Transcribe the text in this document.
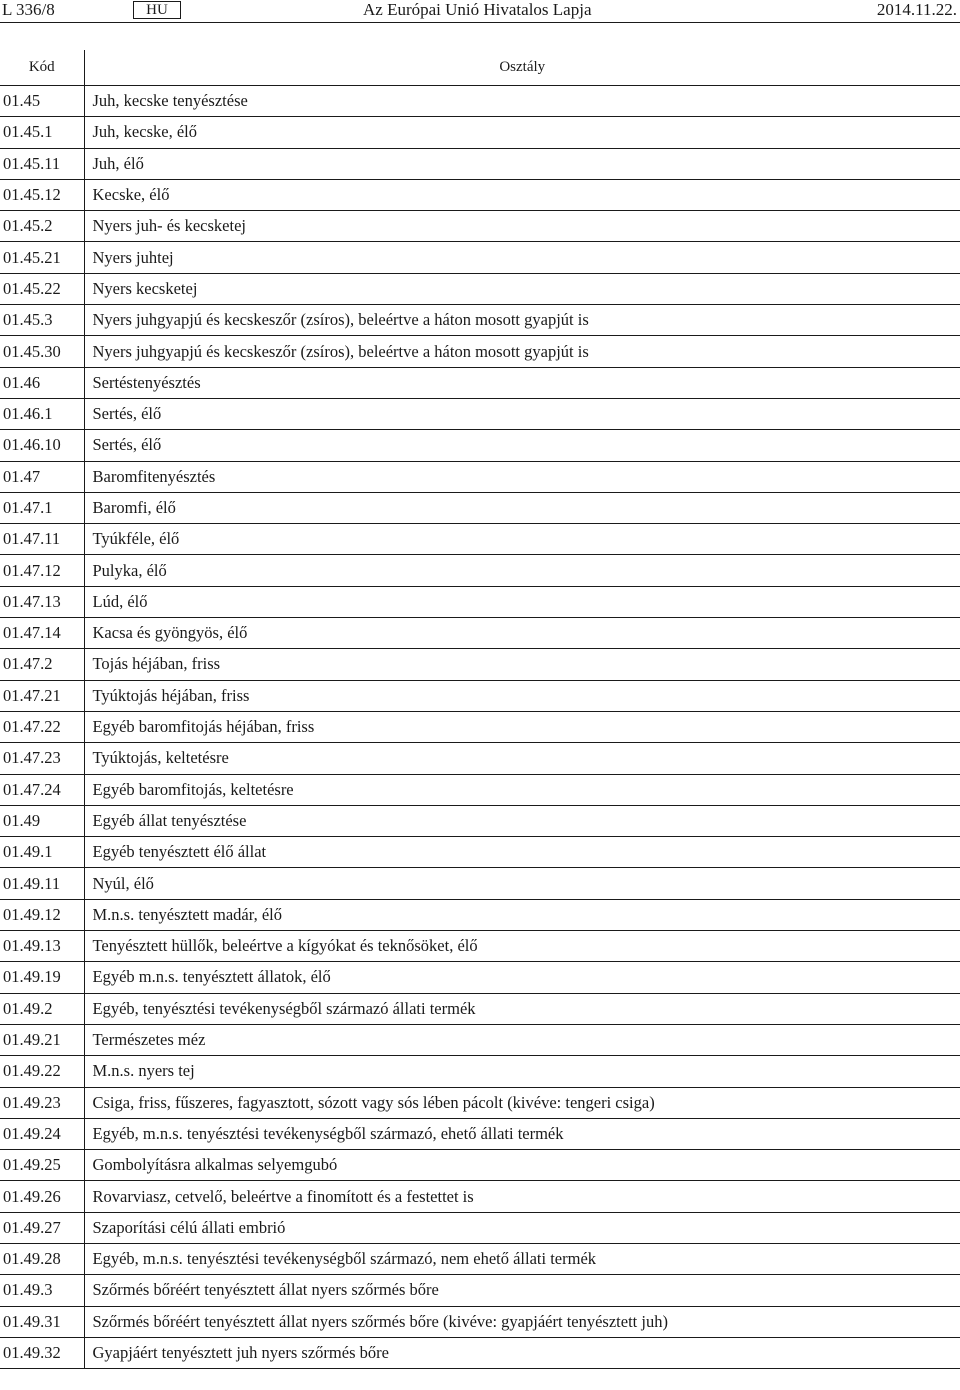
L 336/8	HU	Az Európai Unió Hivatalos Lapja	2014.11.22.
Kód	Osztály
01.45	Juh, kecske tenyésztése
01.45.1	Juh, kecske, élő
01.45.11	Juh, élő
01.45.12	Kecske, élő
01.45.2	Nyers juh- és kecsketej
01.45.21	Nyers juhtej
01.45.22	Nyers kecsketej
01.45.3	Nyers juhgyapjú és kecskeszőr (zsíros), beleértve a háton mosott gyapjút is
01.45.30	Nyers juhgyapjú és kecskeszőr (zsíros), beleértve a háton mosott gyapjút is
01.46	Sertéstenyésztés
01.46.1	Sertés, élő
01.46.10	Sertés, élő
01.47	Baromfitenyésztés
01.47.1	Baromfi, élő
01.47.11	Tyúkféle, élő
01.47.12	Pulyka, élő
01.47.13	Lúd, élő
01.47.14	Kacsa és gyöngyös, élő
01.47.2	Tojás héjában, friss
01.47.21	Tyúktojás héjában, friss
01.47.22	Egyéb baromfitojás héjában, friss
01.47.23	Tyúktojás, keltetésre
01.47.24	Egyéb baromfitojás, keltetésre
01.49	Egyéb állat tenyésztése
01.49.1	Egyéb tenyésztett élő állat
01.49.11	Nyúl, élő
01.49.12	M.n.s. tenyésztett madár, élő
01.49.13	Tenyésztett hüllők, beleértve a kígyókat és teknősöket, élő
01.49.19	Egyéb m.n.s. tenyésztett állatok, élő
01.49.2	Egyéb, tenyésztési tevékenységből származó állati termék
01.49.21	Természetes méz
01.49.22	M.n.s. nyers tej
01.49.23	Csiga, friss, fűszeres, fagyasztott, sózott vagy sós lében pácolt (kivéve: tengeri csiga)
01.49.24	Egyéb, m.n.s. tenyésztési tevékenységből származó, ehető állati termék
01.49.25	Gombolyításra alkalmas selyemgubó
01.49.26	Rovarviasz, cetvelő, beleértve a finomított és a festettet is
01.49.27	Szaporítási célú állati embrió
01.49.28	Egyéb, m.n.s. tenyésztési tevékenységből származó, nem ehető állati termék
01.49.3	Szőrmés bőréért tenyésztett állat nyers szőrmés bőre
01.49.31	Szőrmés bőréért tenyésztett állat nyers szőrmés bőre (kivéve: gyapjáért tenyésztett juh)
01.49.32	Gyapjáért tenyésztett juh nyers szőrmés bőre
